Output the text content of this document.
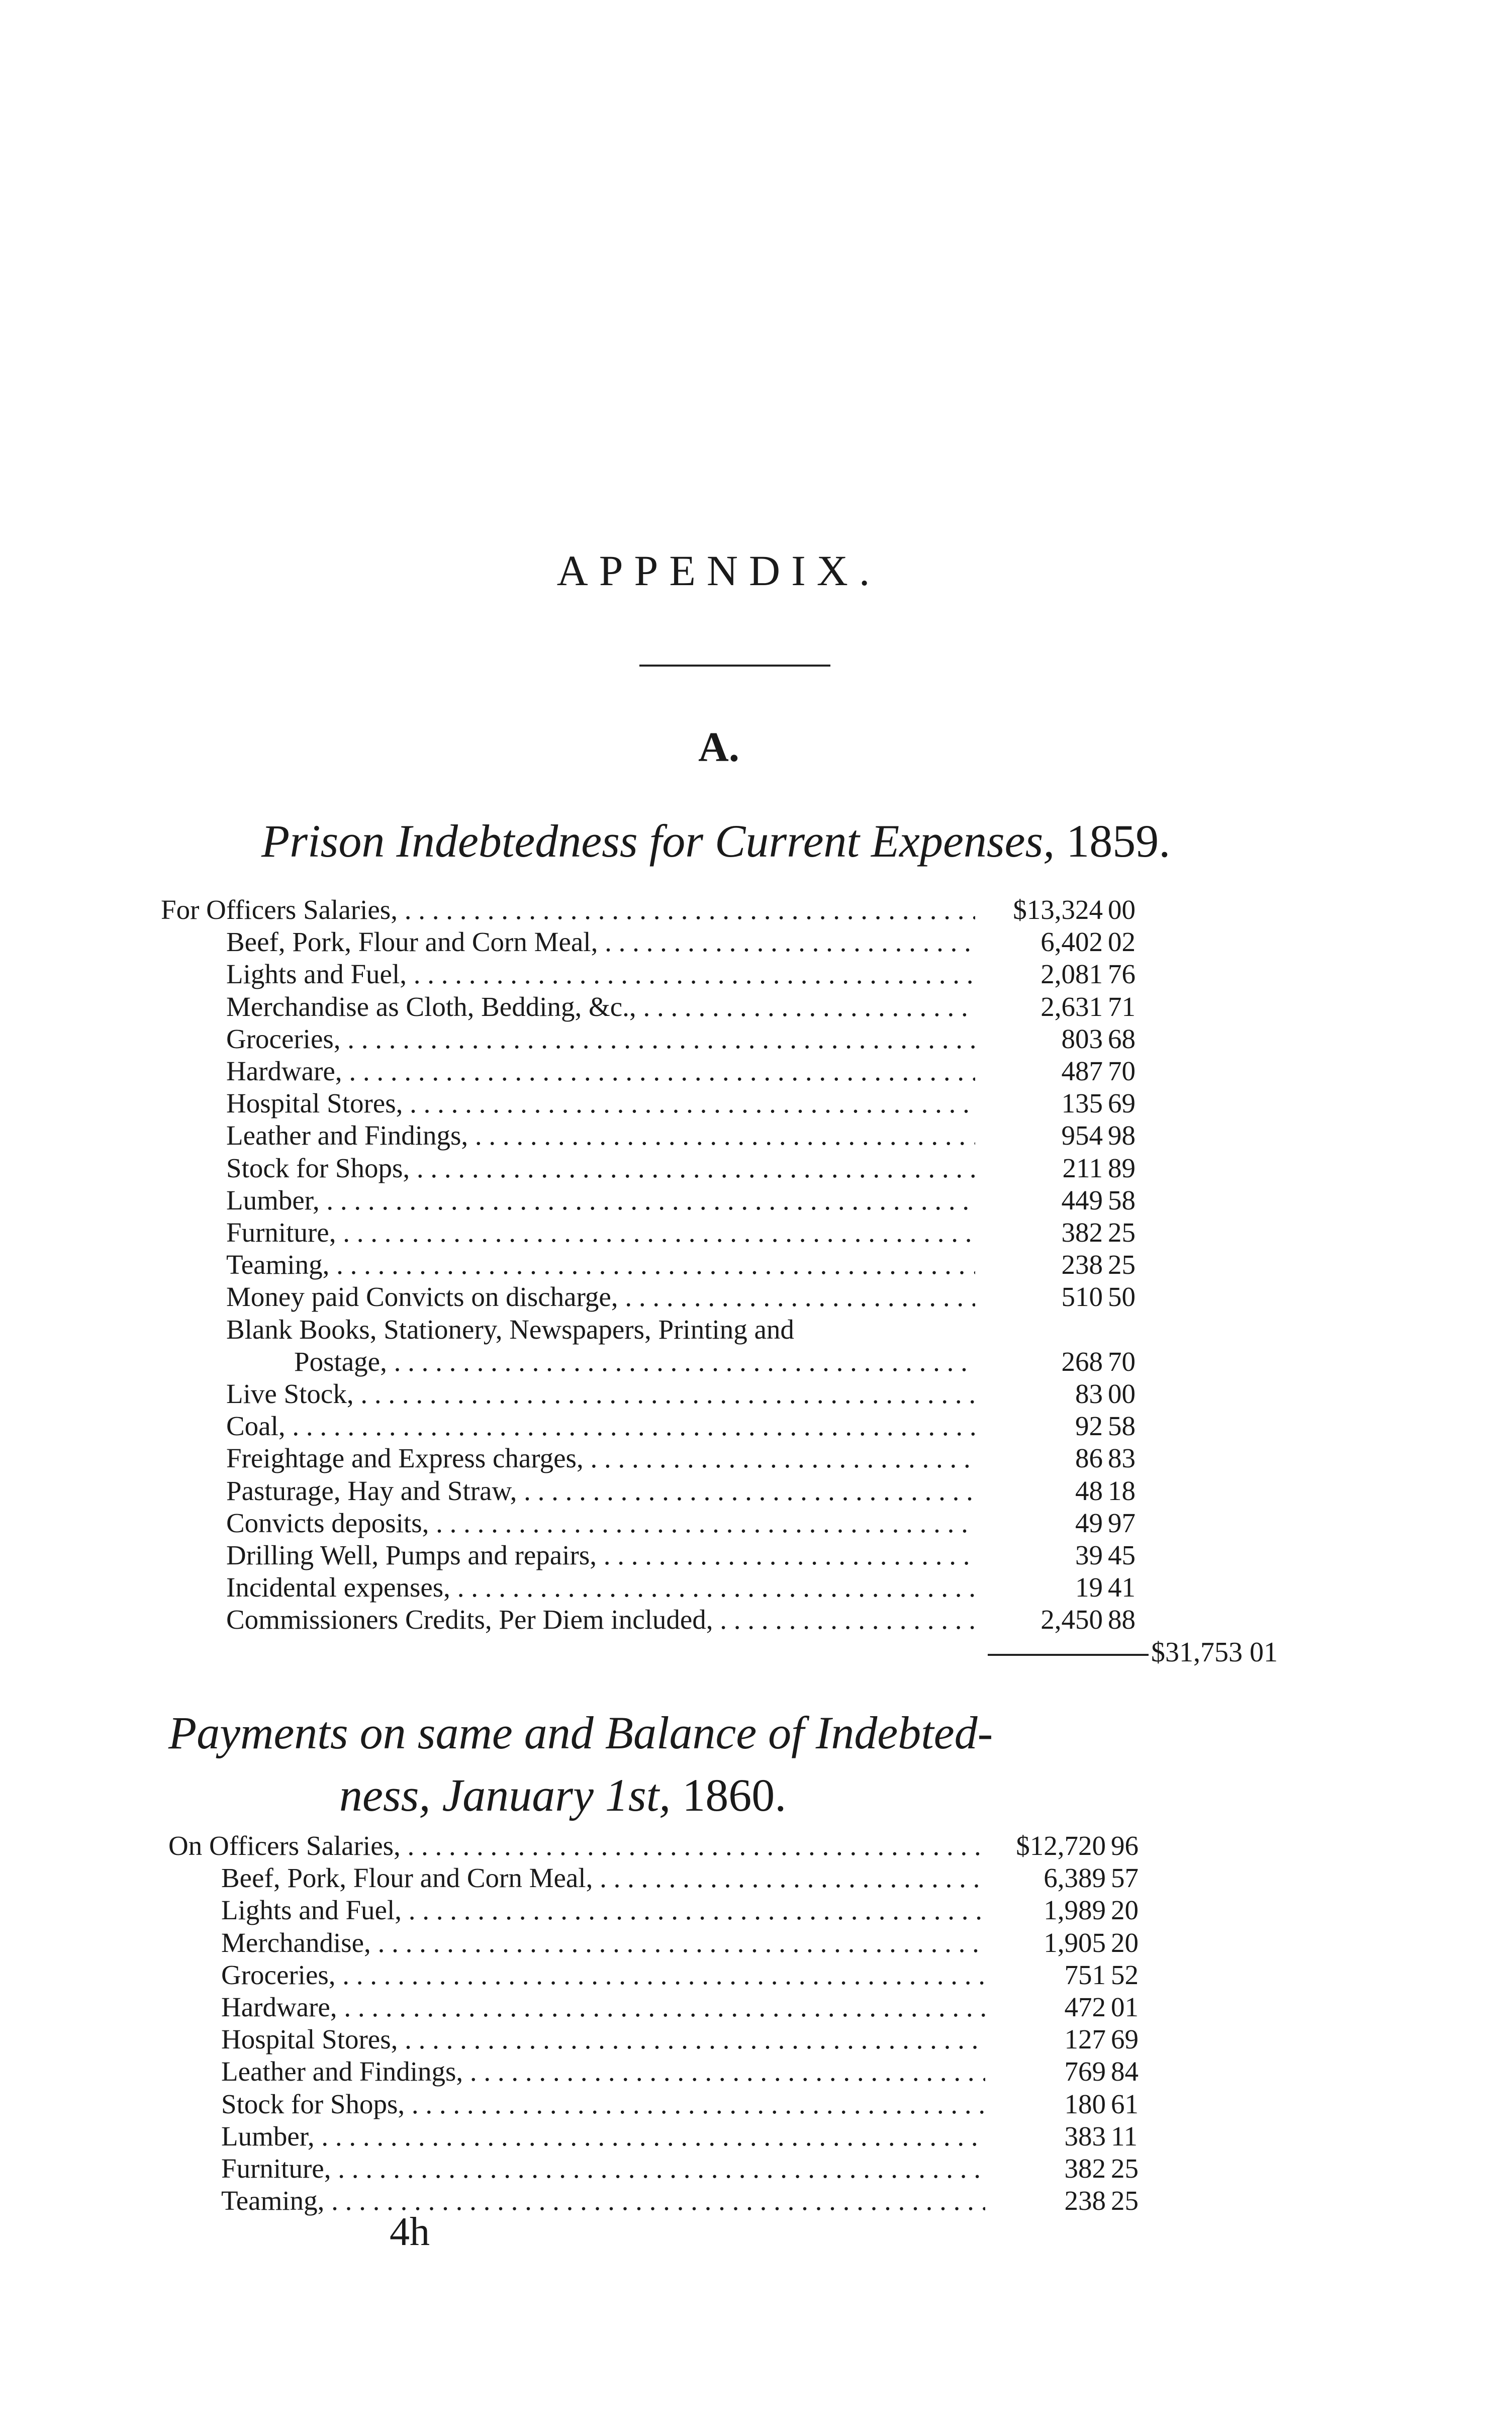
APPENDIX.
A.
Prison Indebtedness for Current Expenses, 1859.
For Officers Salaries, . . .	$13,324 00
Beef, Pork, Flour and Corn Meal, . . .	6,402 02
Lights and Fuel, . . .	2,081 76
Merchandise as Cloth, Bedding, &c., . . .	2,631 71
Groceries, . . .	803 68
Hardware, . . .	487 70
Hospital Stores, . . .	135 69
Leather and Findings, . . .	954 98
Stock for Shops, . . .	211 89
Lumber, . . .	449 58
Furniture, . . .	382 25
Teaming, . . .	238 25
Money paid Convicts on discharge, . . .	510 50
Blank Books, Stationery, Newspapers, Printing and
Postage, . . .	268 70
Live Stock, . . .	83 00
Coal, . . .	92 58
Freightage and Express charges, . . .	86 83
Pasturage, Hay and Straw, . . .	48 18
Convicts deposits, . . .	49 97
Drilling Well, Pumps and repairs, . . .	39 45
Incidental expenses, . . .	19 41
Commissioners Credits, Per Diem included, . . .	2,450 88
$31,753 01
Payments on same and Balance of Indebted-
ness, January 1st, 1860.
On Officers Salaries, . . .	$12,720 96
Beef, Pork, Flour and Corn Meal, . . .	6,389 57
Lights and Fuel, . . .	1,989 20
Merchandise, . . .	1,905 20
Groceries, . . .	751 52
Hardware, . . .	472 01
Hospital Stores, . . .	127 69
Leather and Findings, . . .	769 84
Stock for Shops, . . .	180 61
Lumber, . . .	383 11
Furniture, . . .	382 25
Teaming, . . .	238 25
4h
